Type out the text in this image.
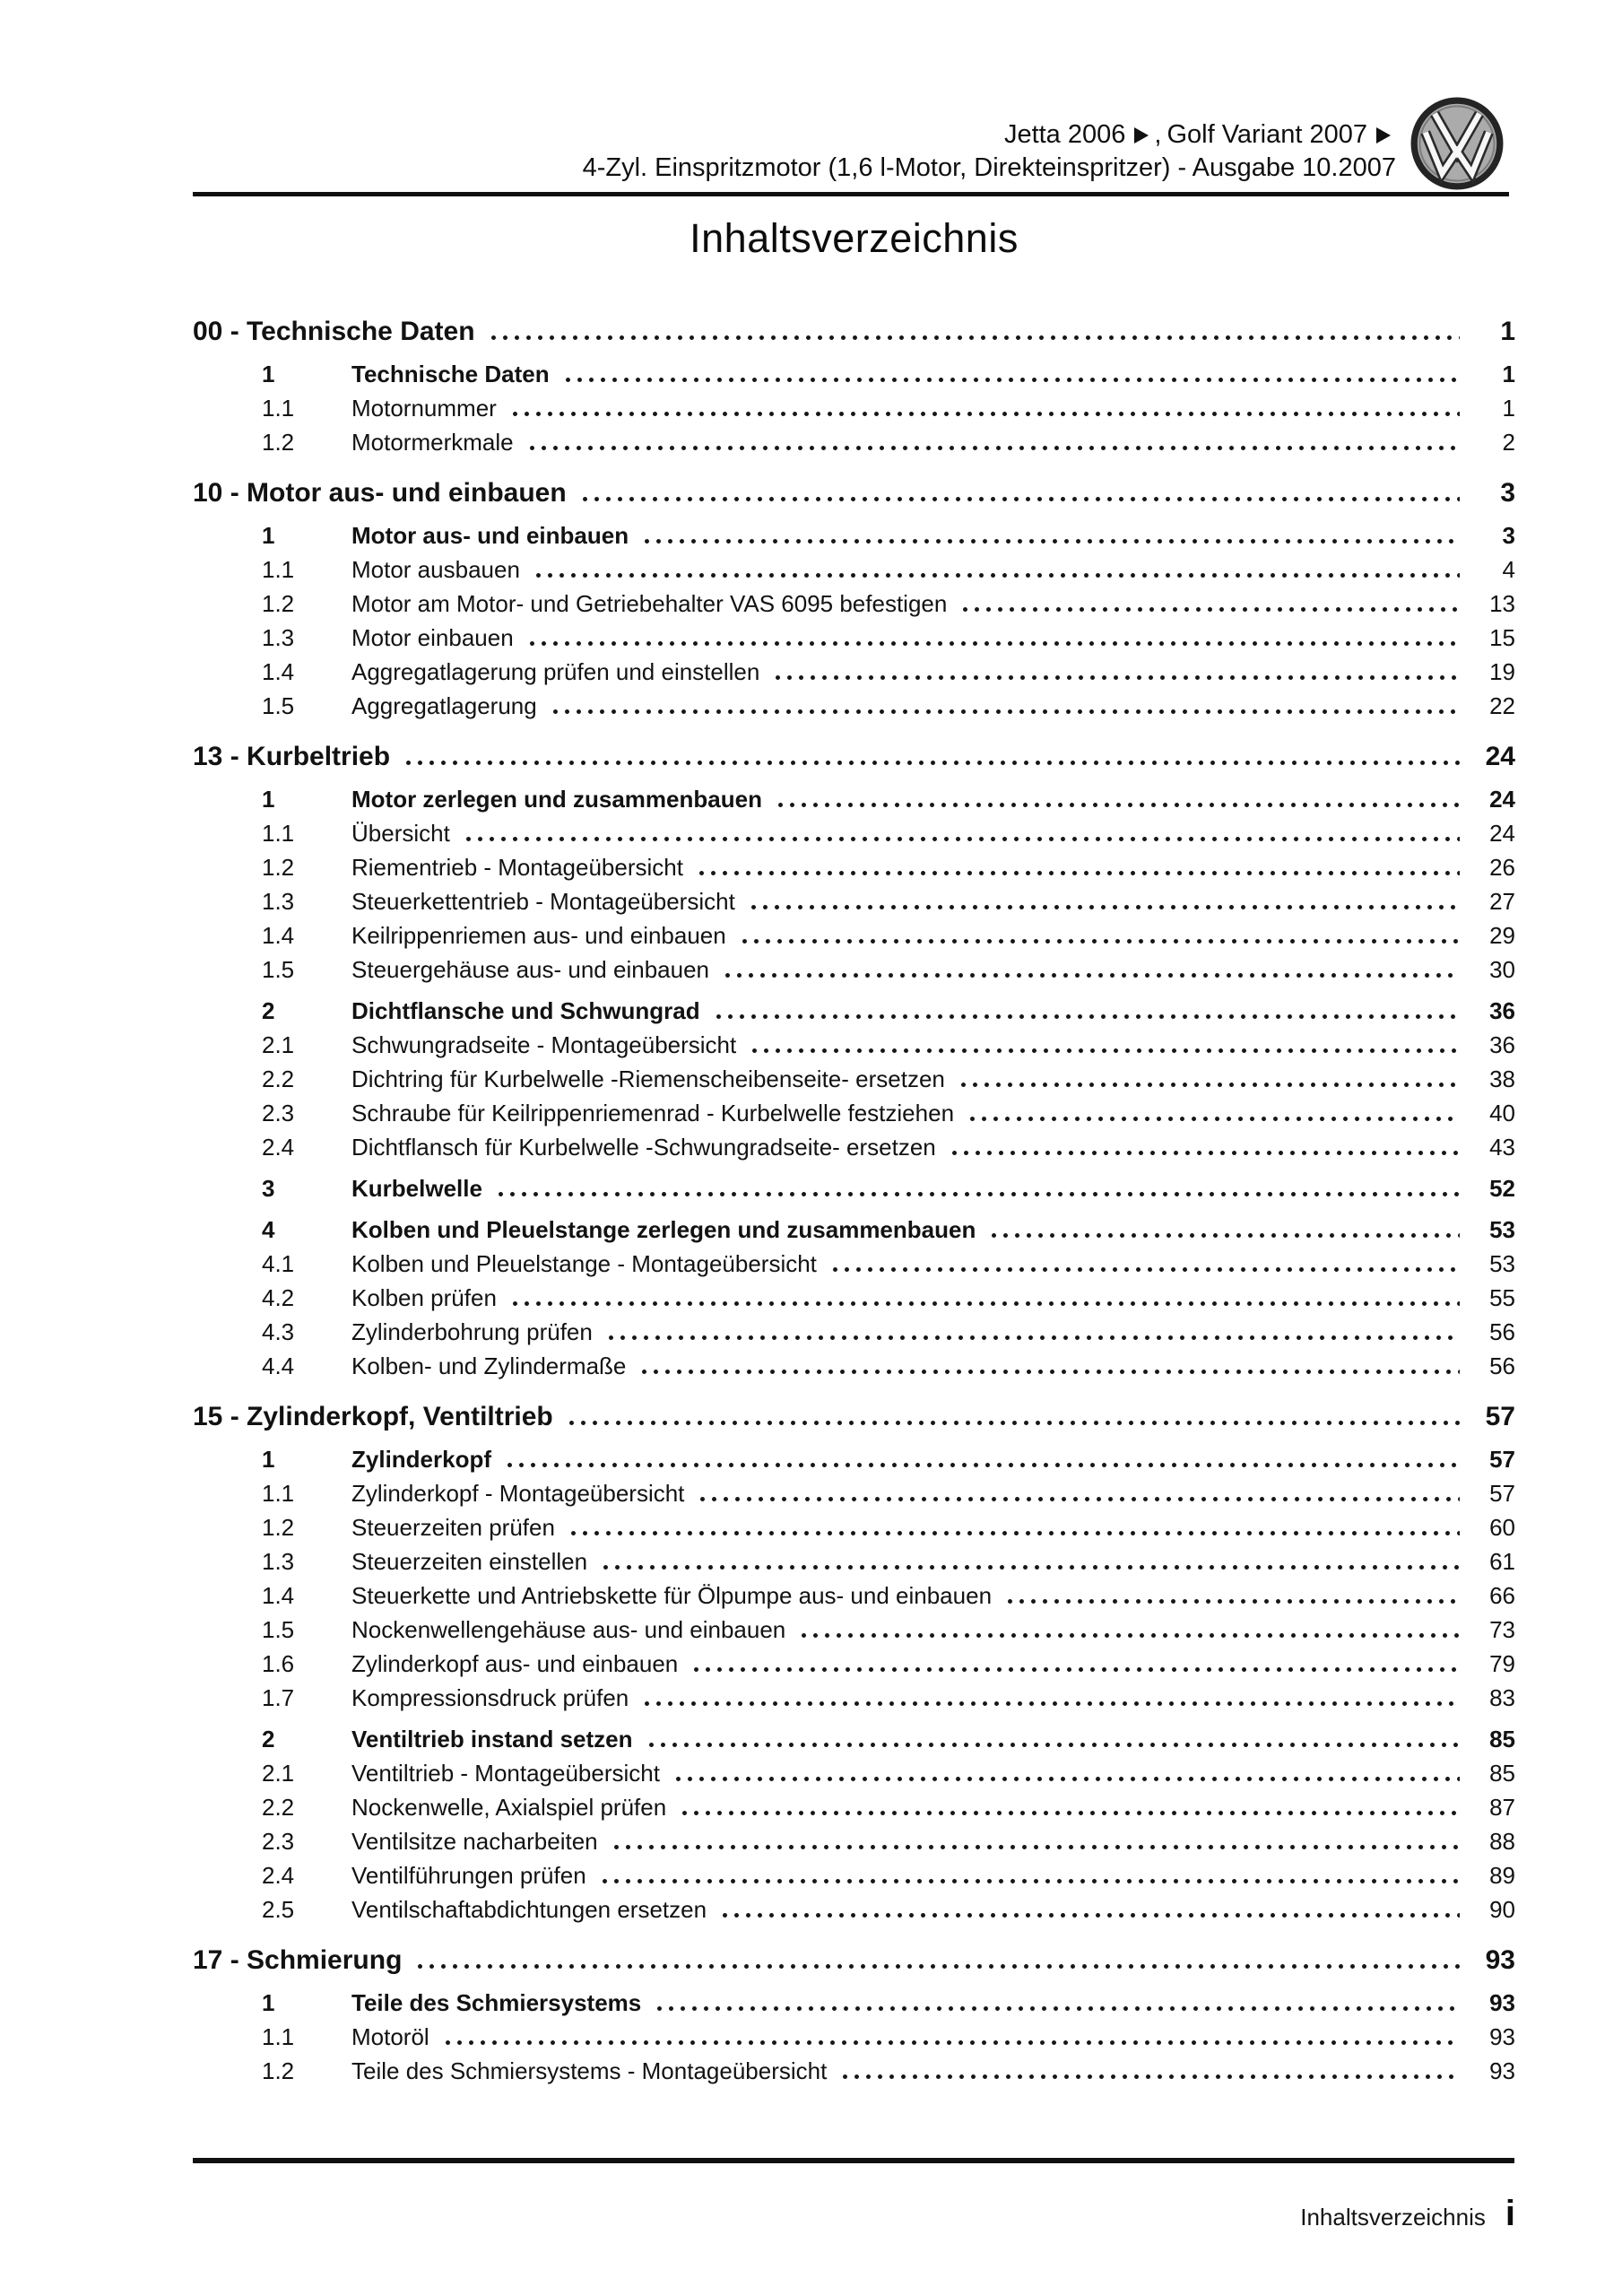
Jetta 2006 , Golf Variant 2007
4-Zyl. Einspritzmotor (1,6 l-Motor, Direkteinspritzer) - Ausgabe 10.2007
Inhaltsverzeichnis
00 - Technische Daten	1
1	Technische Daten	1
1.1	Motornummer	1
1.2	Motormerkmale	2
10 - Motor aus- und einbauen	3
1	Motor aus- und einbauen	3
1.1	Motor ausbauen	4
1.2	Motor am Motor- und Getriebehalter VAS 6095 befestigen	13
1.3	Motor einbauen	15
1.4	Aggregatlagerung prüfen und einstellen	19
1.5	Aggregatlagerung	22
13 - Kurbeltrieb	24
1	Motor zerlegen und zusammenbauen	24
1.1	Übersicht	24
1.2	Riementrieb - Montageübersicht	26
1.3	Steuerkettentrieb - Montageübersicht	27
1.4	Keilrippenriemen aus- und einbauen	29
1.5	Steuergehäuse aus- und einbauen	30
2	Dichtflansche und Schwungrad	36
2.1	Schwungradseite - Montageübersicht	36
2.2	Dichtring für Kurbelwelle -Riemenscheibenseite- ersetzen	38
2.3	Schraube für Keilrippenriemenrad - Kurbelwelle festziehen	40
2.4	Dichtflansch für Kurbelwelle -Schwungradseite- ersetzen	43
3	Kurbelwelle	52
4	Kolben und Pleuelstange zerlegen und zusammenbauen	53
4.1	Kolben und Pleuelstange - Montageübersicht	53
4.2	Kolben prüfen	55
4.3	Zylinderbohrung prüfen	56
4.4	Kolben- und Zylindermaße	56
15 - Zylinderkopf, Ventiltrieb	57
1	Zylinderkopf	57
1.1	Zylinderkopf - Montageübersicht	57
1.2	Steuerzeiten prüfen	60
1.3	Steuerzeiten einstellen	61
1.4	Steuerkette und Antriebskette für Ölpumpe aus- und einbauen	66
1.5	Nockenwellengehäuse aus- und einbauen	73
1.6	Zylinderkopf aus- und einbauen	79
1.7	Kompressionsdruck prüfen	83
2	Ventiltrieb instand setzen	85
2.1	Ventiltrieb - Montageübersicht	85
2.2	Nockenwelle, Axialspiel prüfen	87
2.3	Ventilsitze nacharbeiten	88
2.4	Ventilführungen prüfen	89
2.5	Ventilschaftabdichtungen ersetzen	90
17 - Schmierung	93
1	Teile des Schmiersystems	93
1.1	Motoröl	93
1.2	Teile des Schmiersystems - Montageübersicht	93
Inhaltsverzeichnis i
